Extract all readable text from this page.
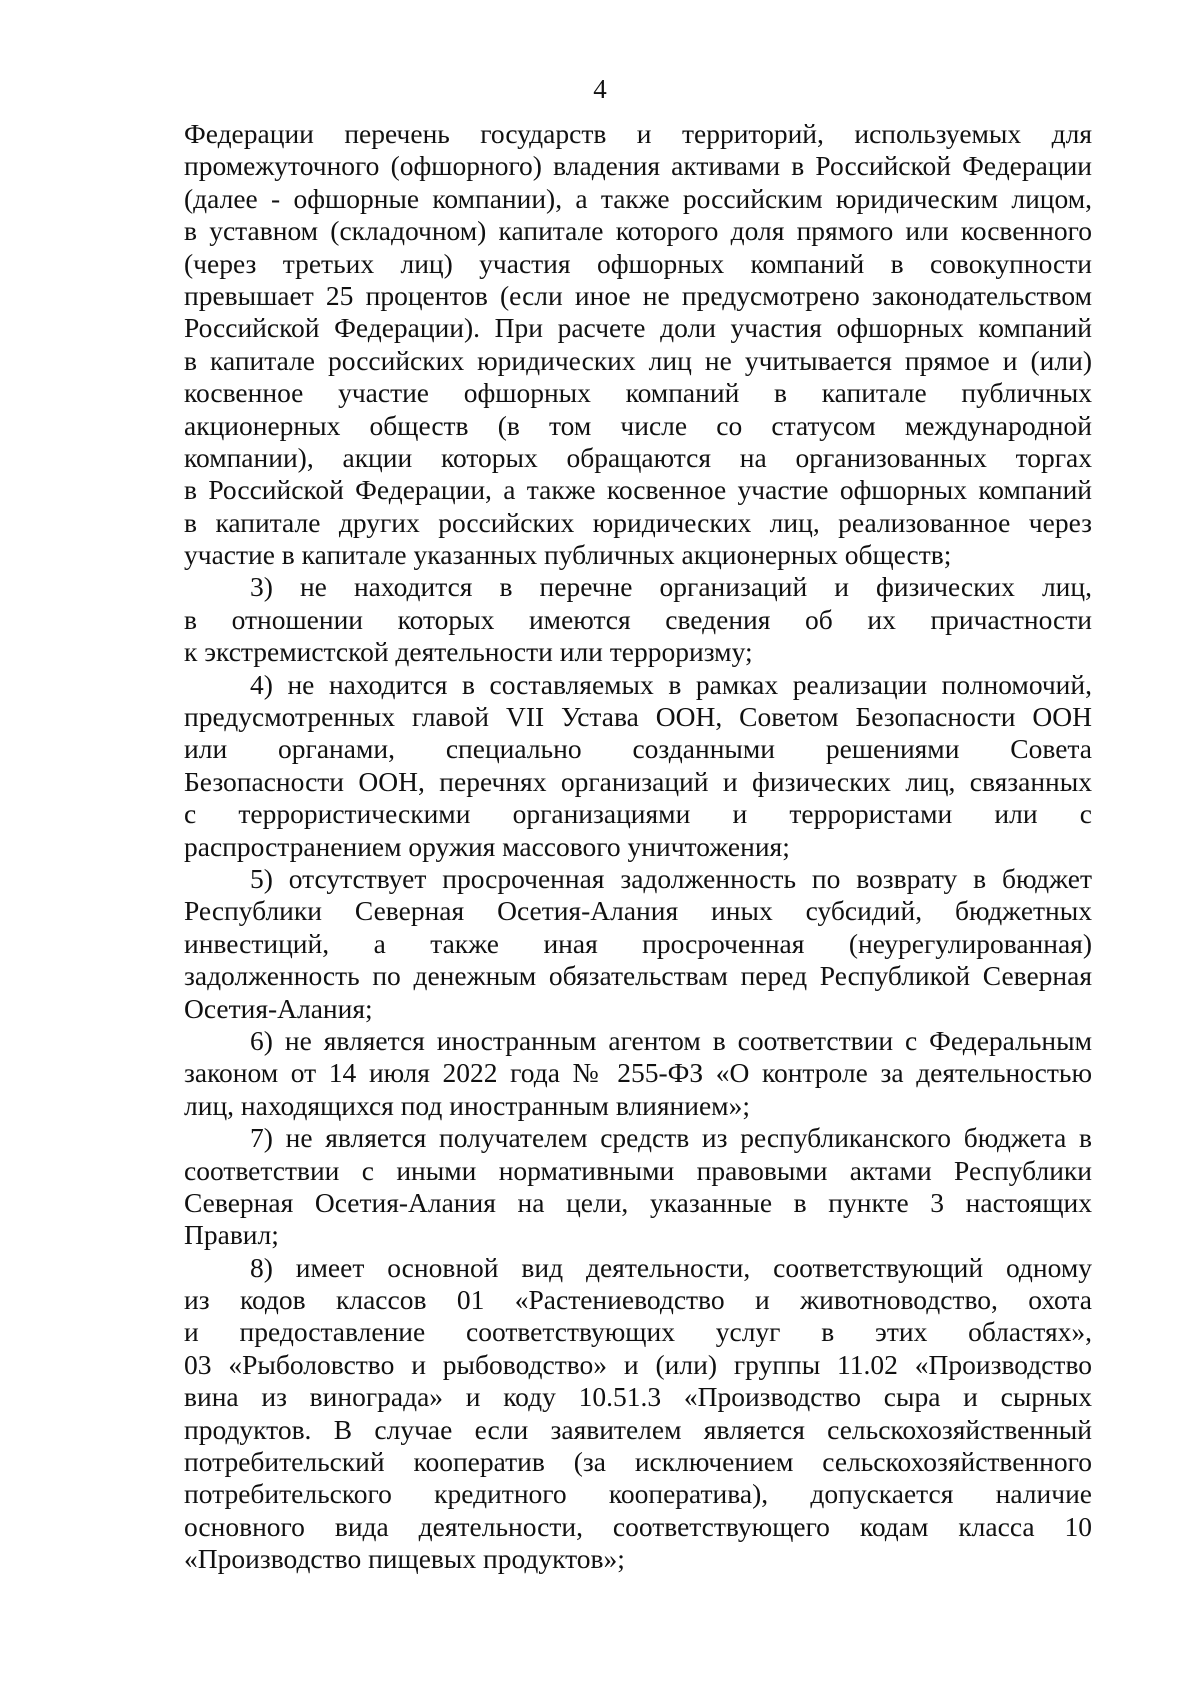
4
Федерации перечень государств и территорий, используемых для
промежуточного (офшорного) владения активами в Российской Федерации
(далее - офшорные компании), а также российским юридическим лицом,
в уставном (складочном) капитале которого доля прямого или косвенного
(через третьих лиц) участия офшорных компаний в совокупности
превышает 25 процентов (если иное не предусмотрено законодательством
Российской Федерации). При расчете доли участия офшорных компаний
в капитале российских юридических лиц не учитывается прямое и (или)
косвенное участие офшорных компаний в капитале публичных
акционерных обществ (в том числе со статусом международной
компании), акции которых обращаются на организованных торгах
в Российской Федерации, а также косвенное участие офшорных компаний
в капитале других российских юридических лиц, реализованное через
участие в капитале указанных публичных акционерных обществ;
3) не находится в перечне организаций и физических лиц,
в отношении которых имеются сведения об их причастности
к экстремистской деятельности или терроризму;
4) не находится в составляемых в рамках реализации полномочий,
предусмотренных главой VII Устава ООН, Советом Безопасности ООН
или органами, специально созданными решениями Совета
Безопасности ООН, перечнях организаций и физических лиц, связанных
с террористическими организациями и террористами или с
распространением оружия массового уничтожения;
5) отсутствует просроченная задолженность по возврату в бюджет
Республики Северная Осетия-Алания иных субсидий, бюджетных
инвестиций, а также иная просроченная (неурегулированная)
задолженность по денежным обязательствам перед Республикой Северная
Осетия-Алания;
6) не является иностранным агентом в соответствии с Федеральным
законом от 14 июля 2022 года № 255-ФЗ «О контроле за деятельностью
лиц, находящихся под иностранным влиянием»;
7) не является получателем средств из республиканского бюджета в
соответствии с иными нормативными правовыми актами Республики
Северная Осетия-Алания на цели, указанные в пункте 3 настоящих
Правил;
8) имеет основной вид деятельности, соответствующий одному
из кодов классов 01 «Растениеводство и животноводство, охота
и предоставление соответствующих услуг в этих областях»,
03 «Рыболовство и рыбоводство» и (или) группы 11.02 «Производство
вина из винограда» и коду 10.51.3 «Производство сыра и сырных
продуктов. В случае если заявителем является сельскохозяйственный
потребительский кооператив (за исключением сельскохозяйственного
потребительского кредитного кооператива), допускается наличие
основного вида деятельности, соответствующего кодам класса 10
«Производство пищевых продуктов»;
